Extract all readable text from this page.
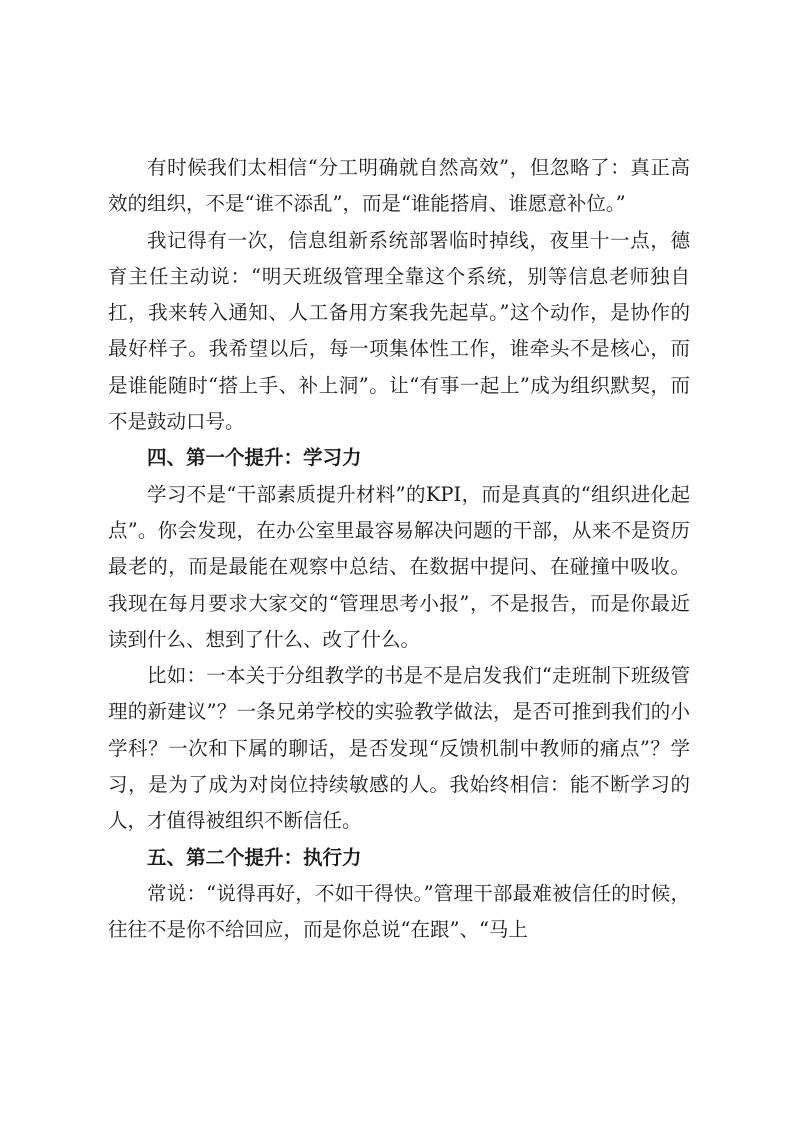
有时候我们太相信“分工明确就自然高效”，但忽略了：真正高效的组织，不是“谁不添乱”，而是“谁能搭肩、谁愿意补位。”

我记得有一次，信息组新系统部署临时掉线，夜里十一点，德育主任主动说：“明天班级管理全靠这个系统，别等信息老师独自扛，我来转入通知、人工备用方案我先起草。”这个动作，是协作的最好样子。我希望以后，每一项集体性工作，谁牵头不是核心，而是谁能随时“搭上手、补上洞”。让“有事一起上”成为组织默契，而不是鼓动口号。

四、第一个提升：学习力

学习不是“干部素质提升材料”的KPI，而是真真的“组织进化起点”。你会发现，在办公室里最容易解决问题的干部，从来不是资历最老的，而是最能在观察中总结、在数据中提问、在碰撞中吸收。我现在每月要求大家交的“管理思考小报”，不是报告，而是你最近读到什么、想到了什么、改了什么。

比如：一本关于分组教学的书是不是启发我们“走班制下班级管理的新建议”？一条兄弟学校的实验教学做法，是否可推到我们的小学科？一次和下属的聊话，是否发现“反馈机制中教师的痛点”？学习，是为了成为对岗位持续敏感的人。我始终相信：能不断学习的人，才值得被组织不断信任。

五、第二个提升：执行力

常说：“说得再好，不如干得快。”管理干部最难被信任的时候，往往不是你不给回应，而是你总说“在跟”、“马上
